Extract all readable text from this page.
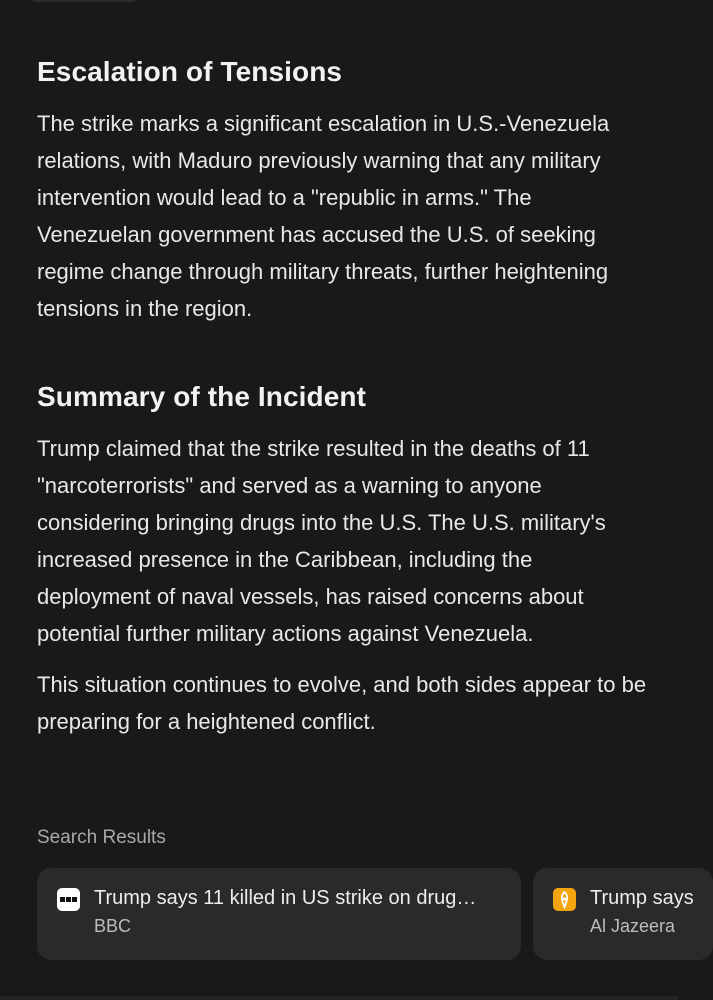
Escalation of Tensions

The strike marks a significant escalation in U.S.-Venezuela relations, with Maduro previously warning that any military intervention would lead to a "republic in arms." The Venezuelan government has accused the U.S. of seeking regime change through military threats, further heightening tensions in the region.

Summary of the Incident

Trump claimed that the strike resulted in the deaths of 11 "narcoterrorists" and served as a warning to anyone considering bringing drugs into the U.S. The U.S. military's increased presence in the Caribbean, including the deployment of naval vessels, has raised concerns about potential further military actions against Venezuela.

This situation continues to evolve, and both sides appear to be preparing for a heightened conflict.

Search Results
Trump says 11 killed in US strike on drug…
BBC
Trump says
Al Jazeera
